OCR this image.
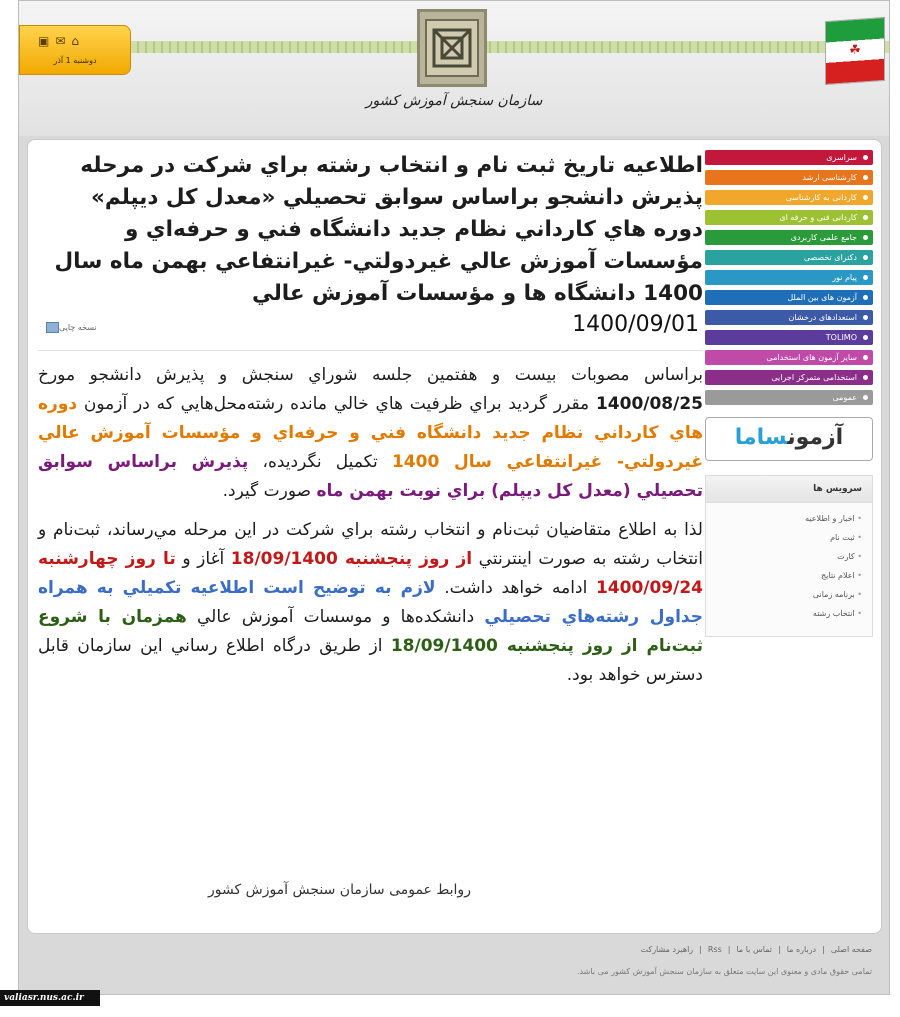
▣✉⌂
دوشنبه 1 آذر
سازمان سنجش آموزش کشور
☘
اطلاعيه تاريخ ثبت نام و انتخاب رشته براي شركت در مرحله پذيرش دانشجو براساس سوابق تحصيلي «معدل كل ديپلم» دوره هاي كارداني نظام جديد دانشگاه فني و حرفه‌اي و مؤسسات آموزش عالي غيردولتي- غيرانتفاعي بهمن ماه سال 1400 دانشگاه ها و مؤسسات آموزش عالي
1400/09/01
نسخه چاپی

براساس مصوبات بيست و هفتمين جلسه شوراي سنجش و پذيرش دانشجو مورخ 1400/08/25 مقرر گرديد براي ظرفيت هاي خالي مانده رشته‌محل‌هايي كه در آزمون دوره هاي كارداني نظام جديد دانشگاه فني و حرفه‌اي و مؤسسات آموزش عالي غيردولتي- غيرانتفاعي سال 1400 تكميل نگرديده، پذيرش براساس سوابق تحصيلي (معدل كل ديپلم) براي نوبت بهمن ماه صورت گيرد.

لذا به اطلاع متقاضيان ثبت‌نام و انتخاب رشته براي شركت در اين مرحله مي‌رساند، ثبت‌نام و انتخاب رشته به صورت اينترنتي از روز پنجشنبه 18/09/1400 آغاز و تا روز چهارشنبه 1400/09/24 ادامه خواهد داشت. لازم به توضيح است اطلاعيه تكميلي به همراه جداول رشته‌هاي تحصيلي دانشكده‌ها و موسسات آموزش عالي همزمان با شروع ثبت‌نام از روز پنجشنبه 18/09/1400 از طريق درگاه اطلاع رساني اين سازمان قابل دسترس خواهد بود.

روابط عمومی سازمان سنجش آموزش کشور
سراسری
کارشناسی ارشد
کاردانی به کارشناسی
کاردانی فنی و حرفه ای
جامع علمی کاربردی
دکترای تخصصی
پیام نور
آزمون های بین الملل
استعدادهای درخشان
TOLIMO
سایر آزمون های استخدامی
استخدامی متمرکز اجرایی
عمومی
آزمونساما
سرویس ها
• اخبار و اطلاعیه
• ثبت نام
• کارت
• اعلام نتایج
• برنامه زمانی
• انتخاب رشته
صفحه اصلی|درباره ما|تماس با ما|Rss|راهبرد مشارکت
تمامی حقوق مادی و معنوی این سایت متعلق به سازمان سنجش آموزش کشور می باشد.
valiasr.nus.ac.ir
